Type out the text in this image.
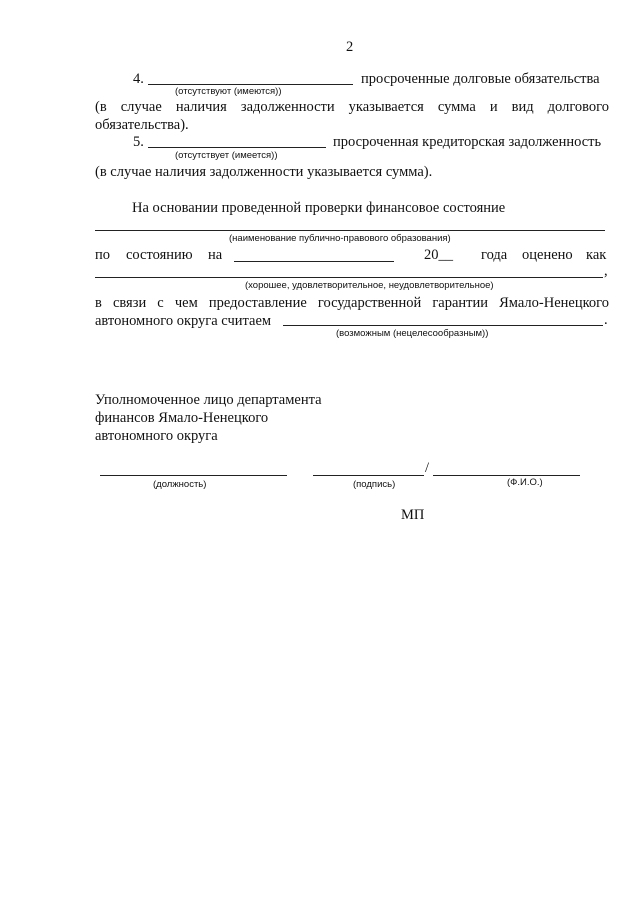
2
4.	просроченные долговые обязательства
(отсутствуют (имеются))
(в случае наличия задолженности указывается сумма и вид долгового
обязательства).
5.	просроченная кредиторская задолженность
(отсутствует (имеется))
(в случае наличия задолженности указывается сумма).
На основании проведенной проверки финансовое состояние
(наименование публично-правового образования)
по состоянию на	20__ года оценено как
,
(хорошее, удовлетворительное, неудовлетворительное)
в связи с чем предоставление государственной гарантии Ямало-Ненецкого
автономного округа считаем	.
(возможным (нецелесообразным))
Уполномоченное лицо департамента
финансов Ямало-Ненецкого
автономного округа
/
(должность)	(подпись)	(Ф.И.О.)
МП
